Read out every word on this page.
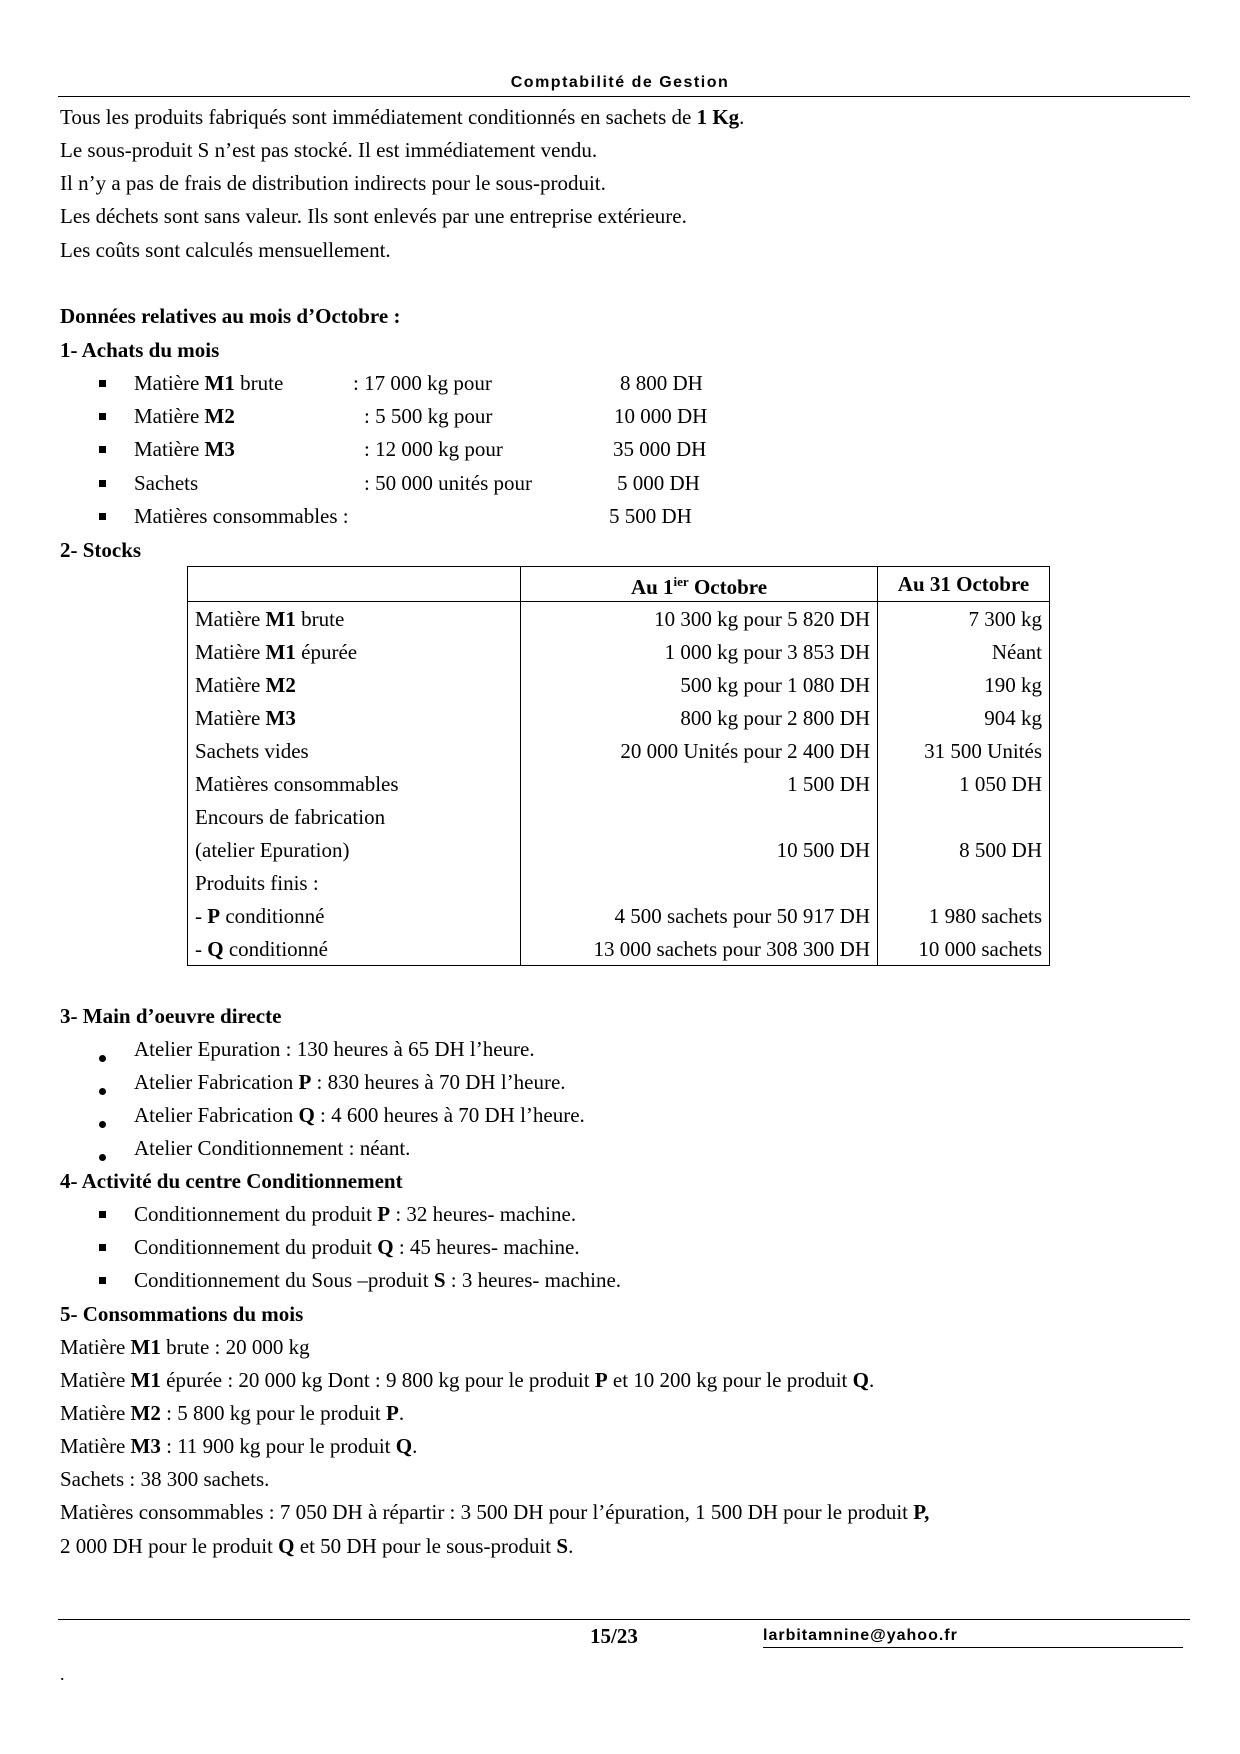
Comptabilité de Gestion
Tous les produits fabriqués sont immédiatement conditionnés en sachets de 1 Kg.
Le sous-produit S n’est pas stocké. Il est immédiatement vendu.
Il n’y a pas de frais de distribution indirects pour le sous-produit.
Les déchets sont sans valeur. Ils sont enlevés par une entreprise extérieure.
Les coûts sont calculés mensuellement.
Données relatives au mois d’Octobre :
1- Achats du mois
Matière M1 brute	: 17 000 kg pour	8 800 DH
Matière M2	: 5 500 kg pour	10 000 DH
Matière M3	: 12 000 kg pour	35 000 DH
Sachets	: 50 000 unités pour	5 000 DH
Matières consommables :	5 500 DH
2- Stocks
	Au $1^{ier}$ Octobre	Au 31 Octobre
Matière M1 brute	10 300 kg pour 5 820 DH	7 300 kg
Matière M1 épurée	1 000 kg pour 3 853 DH	Néant
Matière M2	500 kg pour 1 080 DH	190 kg
Matière M3	800 kg pour 2 800 DH	904 kg
Sachets vides	20 000 Unités pour 2 400 DH	31 500 Unités
Matières consommables	1 500 DH	1 050 DH
Encours de fabrication		
(atelier Epuration)	10 500 DH	8 500 DH
Produits finis :		
- P conditionné	4 500 sachets pour 50 917 DH	1 980 sachets
- Q conditionné	13 000 sachets pour 308 300 DH	10 000 sachets
3- Main d’oeuvre directe
Atelier Epuration : 130 heures à 65 DH l’heure.
Atelier Fabrication P : 830 heures à 70 DH l’heure.
Atelier Fabrication Q : 4 600 heures à 70 DH l’heure.
Atelier Conditionnement : néant.
4- Activité du centre Conditionnement
Conditionnement du produit P : 32 heures- machine.
Conditionnement du produit Q : 45 heures- machine.
Conditionnement du Sous –produit S : 3 heures- machine.
5- Consommations du mois
Matière M1 brute : 20 000 kg
Matière M1 épurée : 20 000 kg Dont : 9 800 kg pour le produit P et 10 200 kg pour le produit Q.
Matière M2 : 5 800 kg pour le produit P.
Matière M3 : 11 900 kg pour le produit Q.
Sachets : 38 300 sachets.
Matières consommables : 7 050 DH à répartir : 3 500 DH pour l’épuration, 1 500 DH pour le produit P,
2 000 DH pour le produit Q et 50 DH pour le sous-produit S.
15/23	larbitamnine@yahoo.fr
.
